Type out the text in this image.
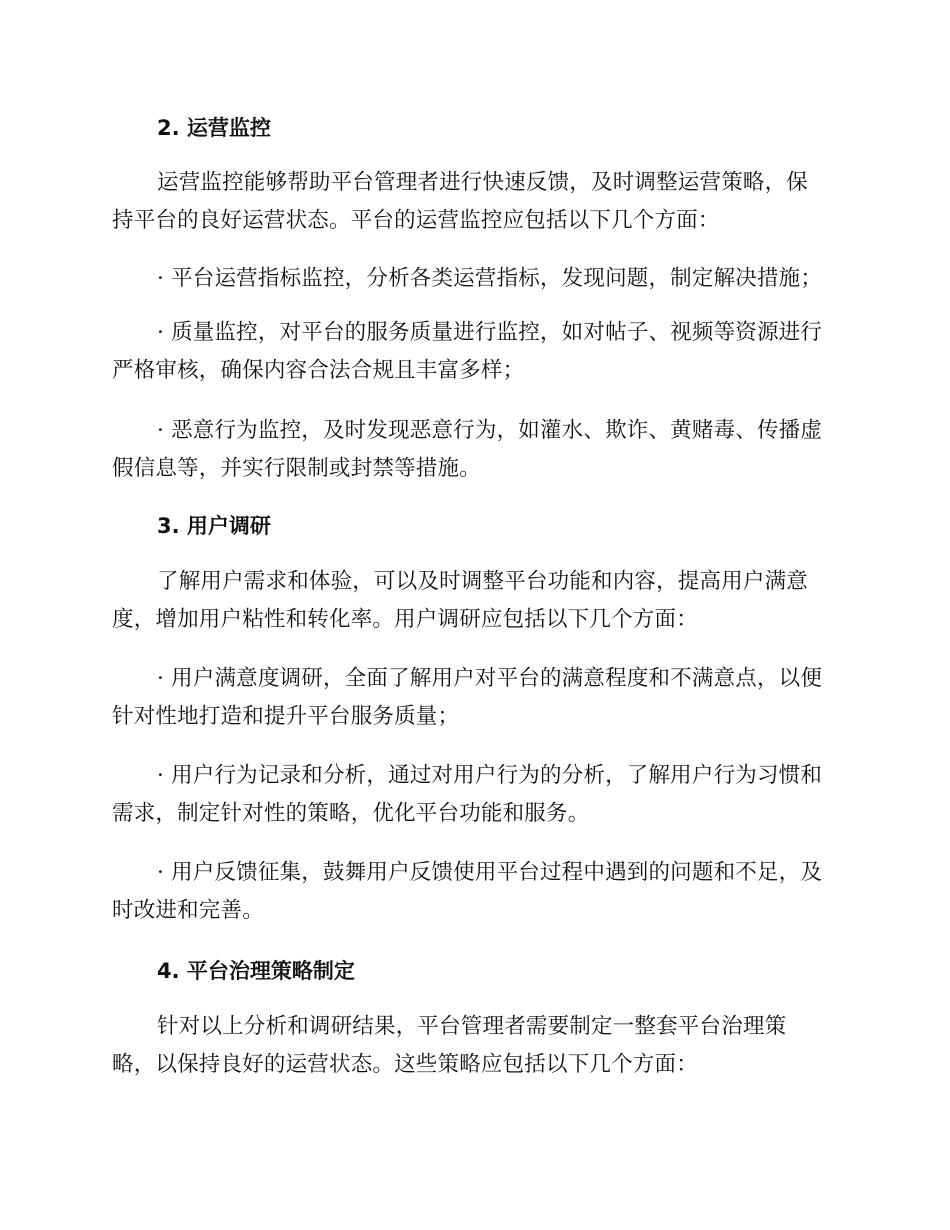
2. 运营监控

运营监控能够帮助平台管理者进行快速反馈，及时调整运营策略，保持平台的良好运营状态。平台的运营监控应包括以下几个方面：

· 平台运营指标监控，分析各类运营指标，发现问题，制定解决措施；

· 质量监控，对平台的服务质量进行监控，如对帖子、视频等资源进行严格审核，确保内容合法合规且丰富多样；

· 恶意行为监控，及时发现恶意行为，如灌水、欺诈、黄赌毒、传播虚假信息等，并实行限制或封禁等措施。

3. 用户调研

了解用户需求和体验，可以及时调整平台功能和内容，提高用户满意度，增加用户粘性和转化率。用户调研应包括以下几个方面：

· 用户满意度调研，全面了解用户对平台的满意程度和不满意点，以便针对性地打造和提升平台服务质量；

· 用户行为记录和分析，通过对用户行为的分析，了解用户行为习惯和需求，制定针对性的策略，优化平台功能和服务。

· 用户反馈征集，鼓舞用户反馈使用平台过程中遇到的问题和不足，及时改进和完善。

4. 平台治理策略制定

针对以上分析和调研结果，平台管理者需要制定一整套平台治理策略，以保持良好的运营状态。这些策略应包括以下几个方面：
